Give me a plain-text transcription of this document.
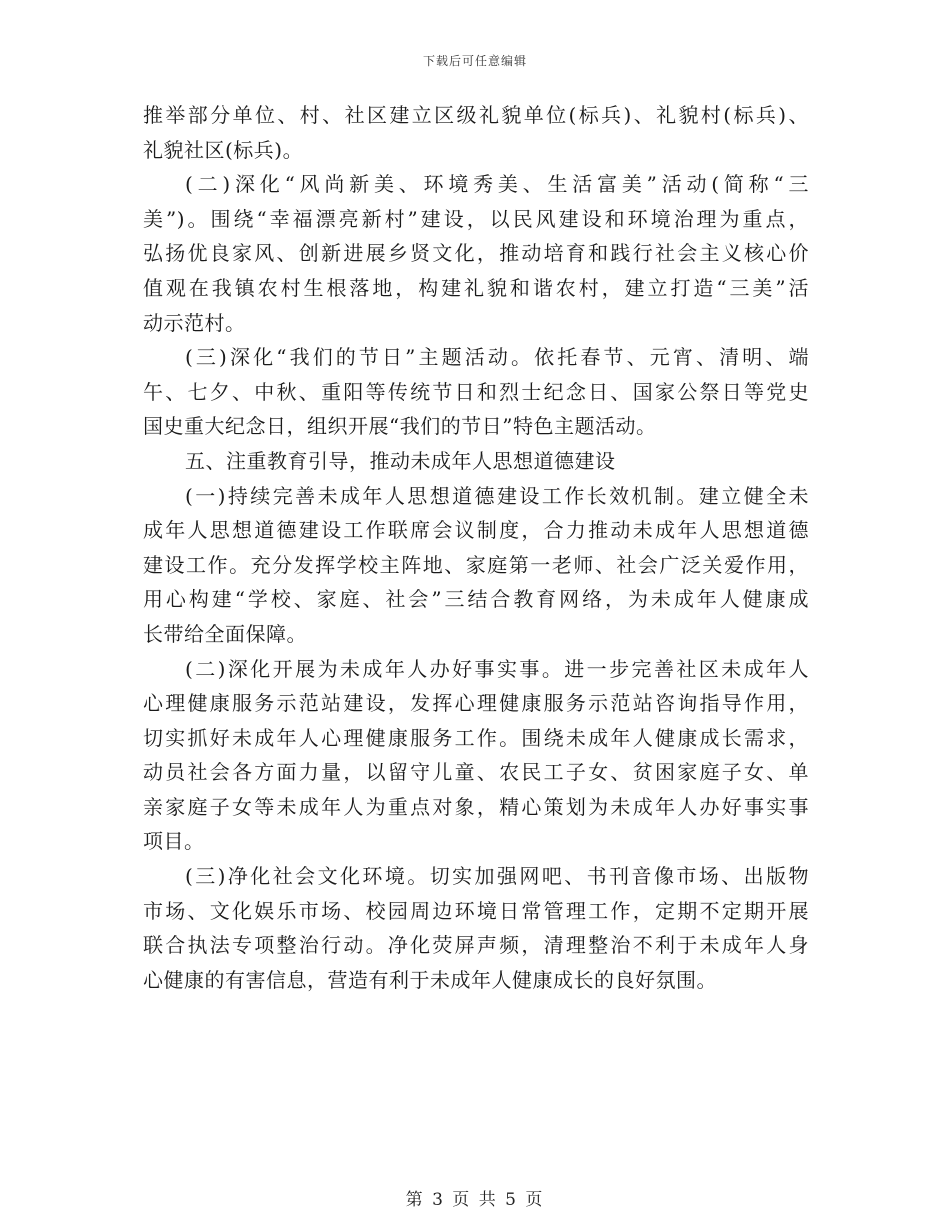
下载后可任意编辑
推举部分单位、村、社区建立区级礼貌单位(标兵)、礼貌村(标兵)、
礼貌社区(标兵)。
(二)深化“风尚新美、环境秀美、生活富美”活动(简称“三
美”)。围绕“幸福漂亮新村”建设，以民风建设和环境治理为重点，
弘扬优良家风、创新进展乡贤文化，推动培育和践行社会主义核心价
值观在我镇农村生根落地，构建礼貌和谐农村，建立打造“三美”活
动示范村。
(三)深化“我们的节日”主题活动。依托春节、元宵、清明、端
午、七夕、中秋、重阳等传统节日和烈士纪念日、国家公祭日等党史
国史重大纪念日，组织开展“我们的节日”特色主题活动。
五、注重教育引导，推动未成年人思想道德建设
(一)持续完善未成年人思想道德建设工作长效机制。建立健全未
成年人思想道德建设工作联席会议制度，合力推动未成年人思想道德
建设工作。充分发挥学校主阵地、家庭第一老师、社会广泛关爱作用，
用心构建“学校、家庭、社会”三结合教育网络，为未成年人健康成
长带给全面保障。
(二)深化开展为未成年人办好事实事。进一步完善社区未成年人
心理健康服务示范站建设，发挥心理健康服务示范站咨询指导作用，
切实抓好未成年人心理健康服务工作。围绕未成年人健康成长需求，
动员社会各方面力量，以留守儿童、农民工子女、贫困家庭子女、单
亲家庭子女等未成年人为重点对象，精心策划为未成年人办好事实事
项目。
(三)净化社会文化环境。切实加强网吧、书刊音像市场、出版物
市场、文化娱乐市场、校园周边环境日常管理工作，定期不定期开展
联合执法专项整治行动。净化荧屏声频，清理整治不利于未成年人身
心健康的有害信息，营造有利于未成年人健康成长的良好氛围。
第 3 页 共 5 页
